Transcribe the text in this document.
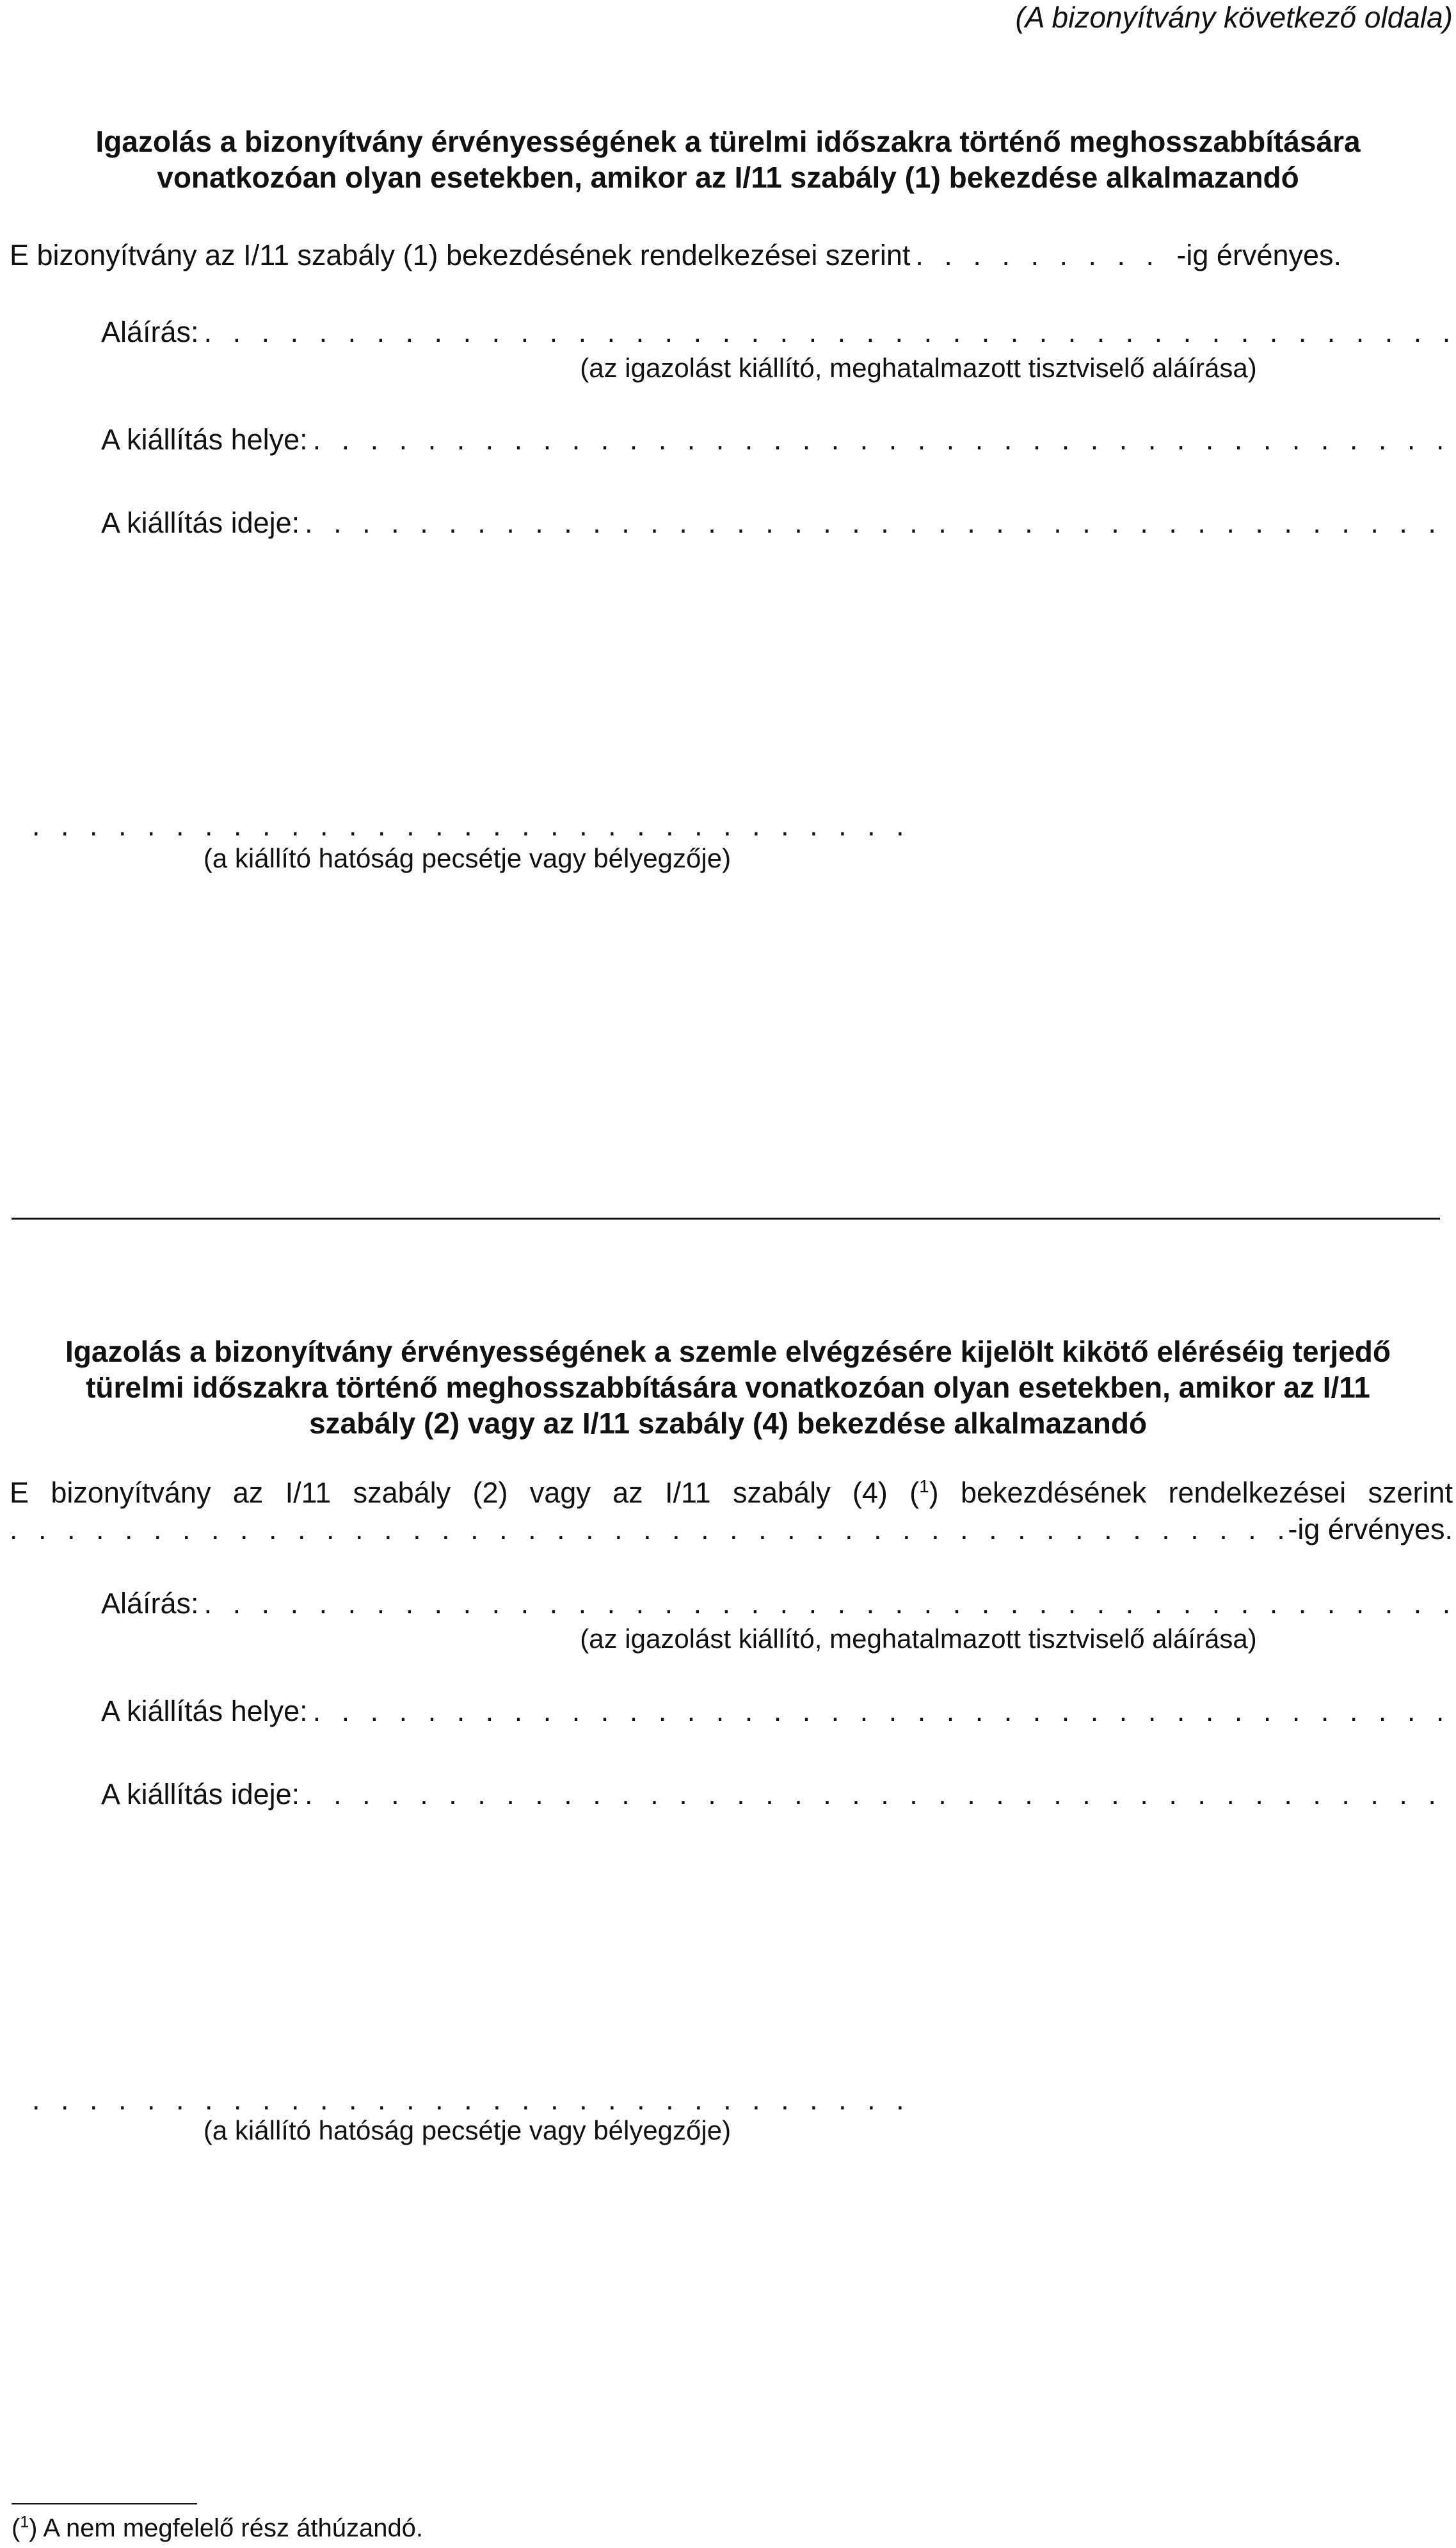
(A bizonyítvány következő oldala)
Igazolás a bizonyítvány érvényességének a türelmi időszakra történő meghosszabbítására
vonatkozóan olyan esetekben, amikor az I/11 szabály (1) bekezdése alkalmazandó
E bizonyítvány az I/11 szabály (1) bekezdésének rendelkezései szerint
. . .	-ig érvényes.
Aláírás:
. . .
(az igazolást kiállító, meghatalmazott tisztviselő aláírása)
A kiállítás helye:
. . .
A kiállítás ideje:
. . .
. . .
(a kiállító hatóság pecsétje vagy bélyegzője)
Igazolás a bizonyítvány érvényességének a szemle elvégzésére kijelölt kikötő eléréséig terjedő
türelmi időszakra történő meghosszabbítására vonatkozóan olyan esetekben, amikor az I/11
szabály (2) vagy az I/11 szabály (4) bekezdése alkalmazandó
E bizonyítvány az I/11 szabály (2) vagy az I/11 szabály (4) ($^1$) bekezdésének rendelkezései szerint
. . .
-ig érvényes.
Aláírás:
. . .
(az igazolást kiállító, meghatalmazott tisztviselő aláírása)
A kiállítás helye:
. . .
A kiállítás ideje:
. . .
. . .
(a kiállító hatóság pecsétje vagy bélyegzője)
($^1$) A nem megfelelő rész áthúzandó.
